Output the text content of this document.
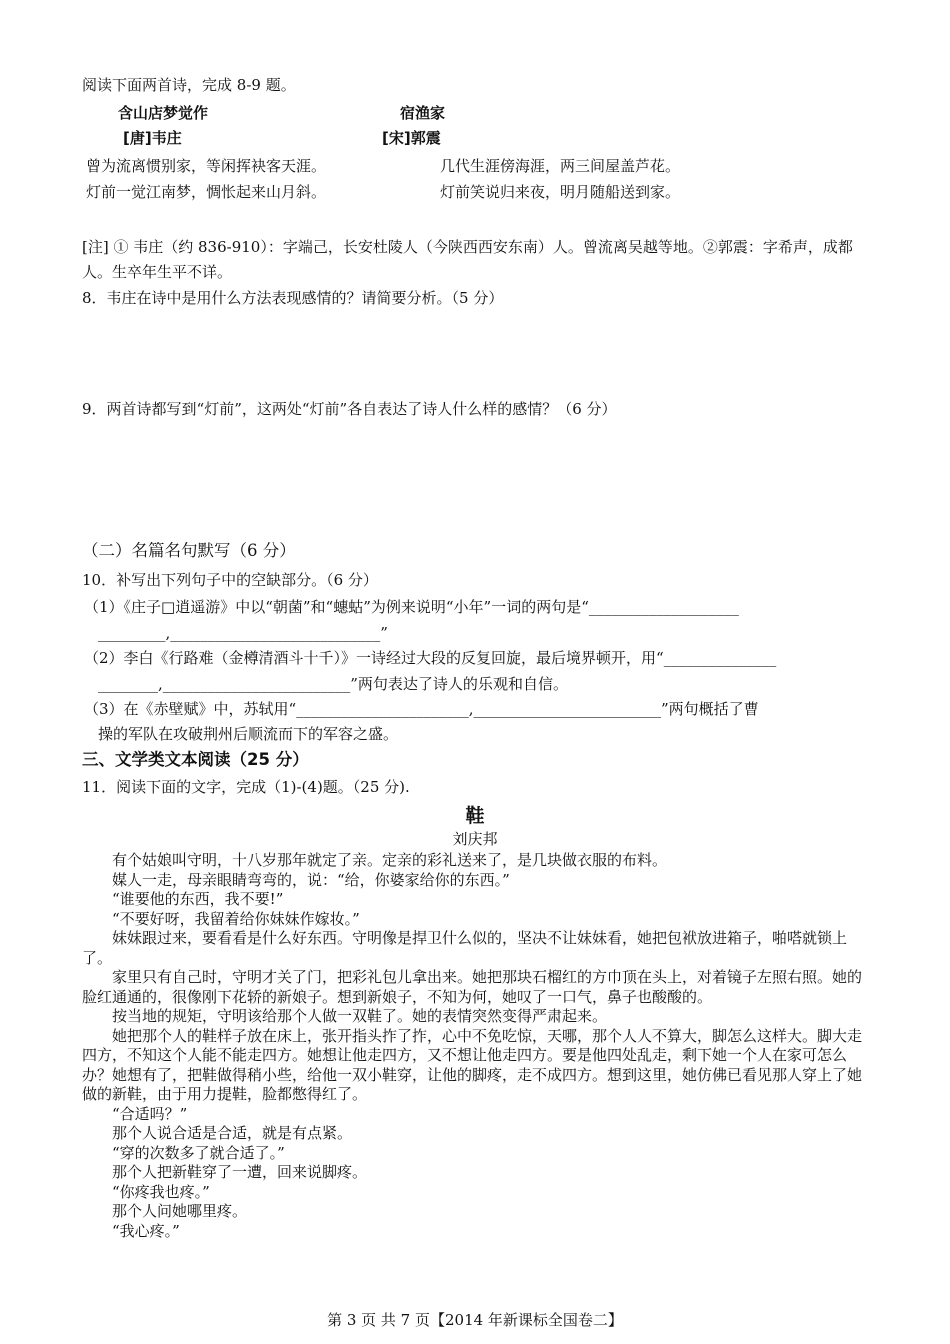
阅读下面两首诗，完成 8-9 题。
含山店梦觉作	宿渔家
[唐]韦庄	[宋]郭震
曾为流离惯别家，等闲挥袂客天涯。	几代生涯傍海涯，两三间屋盖芦花。
灯前一觉江南梦，惆怅起来山月斜。	灯前笑说归来夜，明月随船送到家。
[注] ① 韦庄（约 836-910）：字端己，长安杜陵人（今陕西西安东南）人。曾流离吴越等地。②郭震：字希声，成都人。生卒年生平不详。
8．韦庄在诗中是用什么方法表现感情的？请简要分析。（5 分）
9．两首诗都写到“灯前”，这两处“灯前”各自表达了诗人什么样的感情？（6 分）
（二）名篇名句默写（6 分）
10．补写出下列句子中的空缺部分。（6 分）
（1）《庄子□逍遥游》中以“朝菌”和“蟪蛄”为例来说明“小年”一词的两句是“____________________
_________,____________________________”
（2）李白《行路难（金樽清酒斗十千）》一诗经过大段的反复回旋，最后境界顿开，用“_______________
________,_________________________”两句表达了诗人的乐观和自信。
（3）在《赤壁赋》中，苏轼用“_______________________,_________________________”两句概括了曹
操的军队在攻破荆州后顺流而下的军容之盛。
三、文学类文本阅读（25 分）
11．阅读下面的文字，完成（1)-(4)题。（25 分).
鞋
刘庆邦

有个姑娘叫守明，十八岁那年就定了亲。定亲的彩礼送来了，是几块做衣服的布料。

媒人一走，母亲眼睛弯弯的，说：“给，你婆家给你的东西。”

“谁要他的东西，我不要!”

“不要好呀，我留着给你妹妹作嫁妆。”

妹妹跟过来，要看看是什么好东西。守明像是捍卫什么似的，坚决不让妹妹看，她把包袱放进箱子，啪嗒就锁上了。

家里只有自己时，守明才关了门，把彩礼包儿拿出来。她把那块石榴红的方巾顶在头上，对着镜子左照右照。她的脸红通通的，很像刚下花轿的新娘子。想到新娘子，不知为何，她叹了一口气，鼻子也酸酸的。

按当地的规矩，守明该给那个人做一双鞋了。她的表情突然变得严肃起来。

她把那个人的鞋样子放在床上，张开指头拃了拃，心中不免吃惊，天哪，那个人人不算大，脚怎么这样大。脚大走四方，不知这个人能不能走四方。她想让他走四方，又不想让他走四方。要是他四处乱走，剩下她一个人在家可怎么办？她想有了，把鞋做得稍小些，给他一双小鞋穿，让他的脚疼，走不成四方。想到这里，她仿佛已看见那人穿上了她做的新鞋，由于用力提鞋，脸都憋得红了。

“合适吗？”

那个人说合适是合适，就是有点紧。

“穿的次数多了就合适了。”

那个人把新鞋穿了一遭，回来说脚疼。

“你疼我也疼。”

那个人问她哪里疼。

“我心疼。”

第 3 页 共 7 页【2014 年新课标全国卷二】
